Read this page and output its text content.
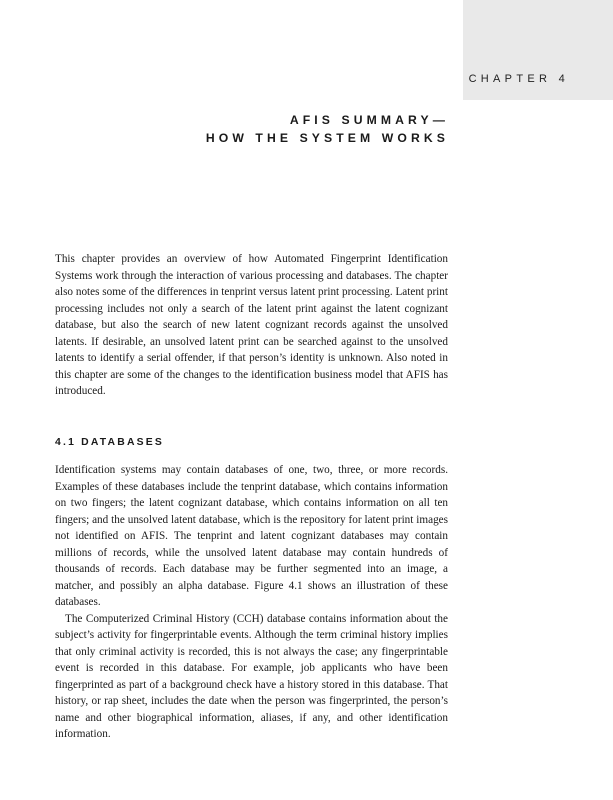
CHAPTER 4
AFIS SUMMARY—
HOW THE SYSTEM WORKS

This chapter provides an overview of how Automated Fingerprint Identification Systems work through the interaction of various processing and databases. The chapter also notes some of the differences in tenprint versus latent print processing. Latent print processing includes not only a search of the latent print against the latent cognizant database, but also the search of new latent cognizant records against the unsolved latents. If desirable, an unsolved latent print can be searched against to the unsolved latents to identify a serial offender, if that person’s identity is unknown. Also noted in this chapter are some of the changes to the identification business model that AFIS has introduced.

4.1 DATABASES

Identification systems may contain databases of one, two, three, or more records. Examples of these databases include the tenprint database, which contains information on two fingers; the latent cognizant database, which contains information on all ten fingers; and the unsolved latent database, which is the repository for latent print images not identified on AFIS. The tenprint and latent cognizant databases may contain millions of records, while the unsolved latent database may contain hundreds of thousands of records. Each database may be further segmented into an image, a matcher, and possibly an alpha database. Figure 4.1 shows an illustration of these databases.

The Computerized Criminal History (CCH) database contains information about the subject’s activity for fingerprintable events. Although the term criminal history implies that only criminal activity is recorded, this is not always the case; any fingerprintable event is recorded in this database. For example, job applicants who have been fingerprinted as part of a background check have a history stored in this database. That history, or rap sheet, includes the date when the person was fingerprinted, the person’s name and other biographical information, aliases, if any, and other identification information.
